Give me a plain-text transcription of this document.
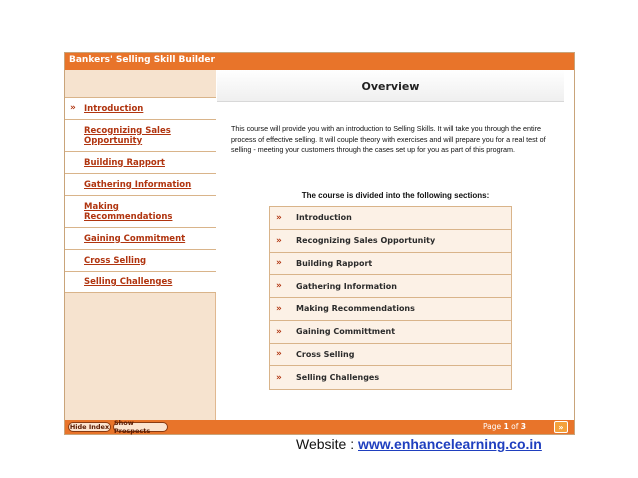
Bankers' Selling Skill Builder
» Introduction
Recognizing Sales Opportunity
Building Rapport
Gathering Information
Making Recommendations
Gaining Commitment
Cross Selling
Selling Challenges
Overview

This course will provide you with an introduction to Selling Skills. It will take you through the entire process of effective selling. It will couple theory with exercises and will prepare you for a real test of selling - meeting your customers through the cases set up for you as part of this program.

The course is divided into the following sections:
» Introduction
» Recognizing Sales Opportunity
» Building Rapport
» Gathering Information
» Making Recommendations
» Gaining Committment
» Cross Selling
» Selling Challenges
Hide Index Show Prospects	Page 1 of 3	»
Website : www.enhancelearning.co.in
